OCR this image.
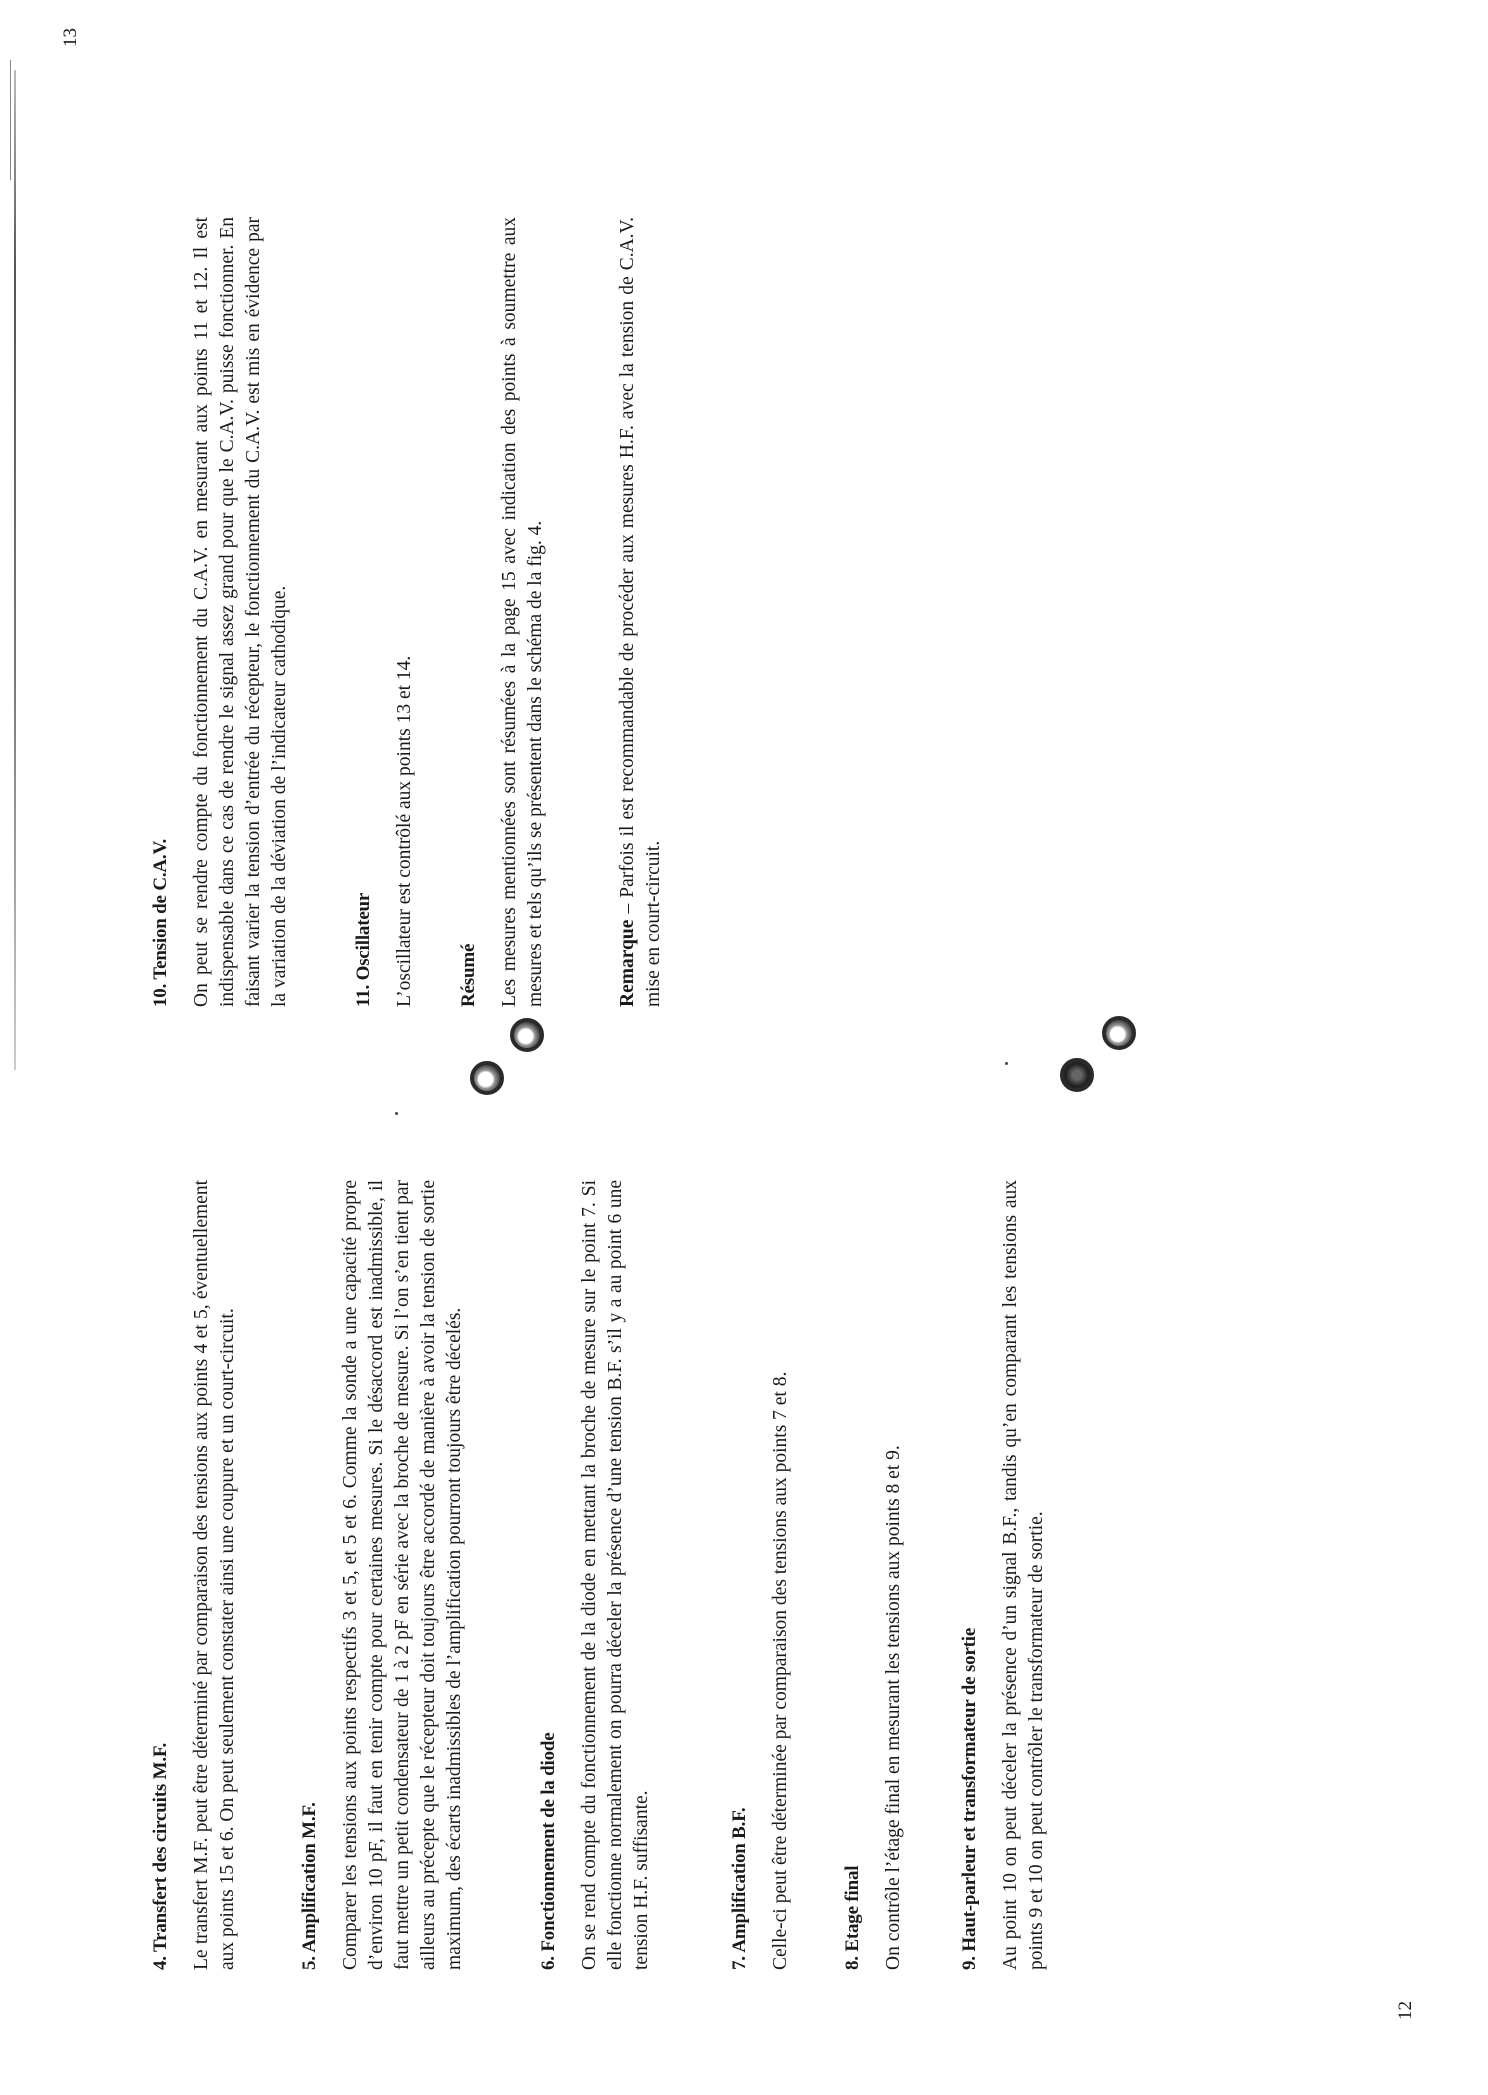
4. Transfert des circuits M.F. Le transfert M.F. peut être déterminé par comparaison des tensions aux points 4 et 5, éventuellement aux points 15 et 6. On peut seulement constater ainsi une coupure et un court-circuit.	5. Amplification M.F. Comparer les tensions aux points respectifs 3 et 5, et 5 et 6. Comme la sonde a une capacité propre d’environ 10 pF, il faut en tenir compte pour certaines mesures. Si le désaccord est inadmissible, il faut mettre un petit condensateur de 1 à 2 pF en série avec la broche de mesure. Si l’on s’en tient par ailleurs au précepte que le récepteur doit toujours être accordé de manière à avoir la tension de sortie maximum, des écarts inadmissibles de l’amplification pourront toujours être décelés.	6. Fonctionnement de la diode On se rend compte du fonctionnement de la diode en mettant la broche de mesure sur le point 7. Si elle fonctionne normalement on pourra déceler la présence d’une tension B.F. s’il y a au point 6 une tension H.F. suffisante.	7. Amplification B.F. Celle-ci peut être déterminée par comparaison des tensions aux points 7 et 8.	8. Etage final On contrôle l’étage final en mesurant les tensions aux points 8 et 9.	9. Haut-parleur et transformateur de sortie Au point 10 on peut déceler la présence d’un signal B.F., tandis qu’en comparant les tensions aux points 9 et 10 on peut contrôler le transformateur de sortie.

12
10. Tension de C.A.V. On peut se rendre compte du fonctionnement du C.A.V. en mesurant aux points 11 et 12. Il est indispensable dans ce cas de rendre le signal assez grand pour que le C.A.V. puisse fonctionner. En faisant varier la tension d’entrée du récepteur, le fonctionnement du C.A.V. est mis en évidence par la variation de la déviation de l’indicateur cathodique.	11. Oscillateur L’oscillateur est contrôlé aux points 13 et 14. Résumé Les mesures mentionnées sont résumées à la page 15 avec indication des points à soumettre aux mesures et tels qu’ils se présentent dans le schéma de la fig. 4.	Remarque – Parfois il est recommandable de procéder aux mesures H.F. avec la tension de C.A.V. mise en court-circuit.

13
